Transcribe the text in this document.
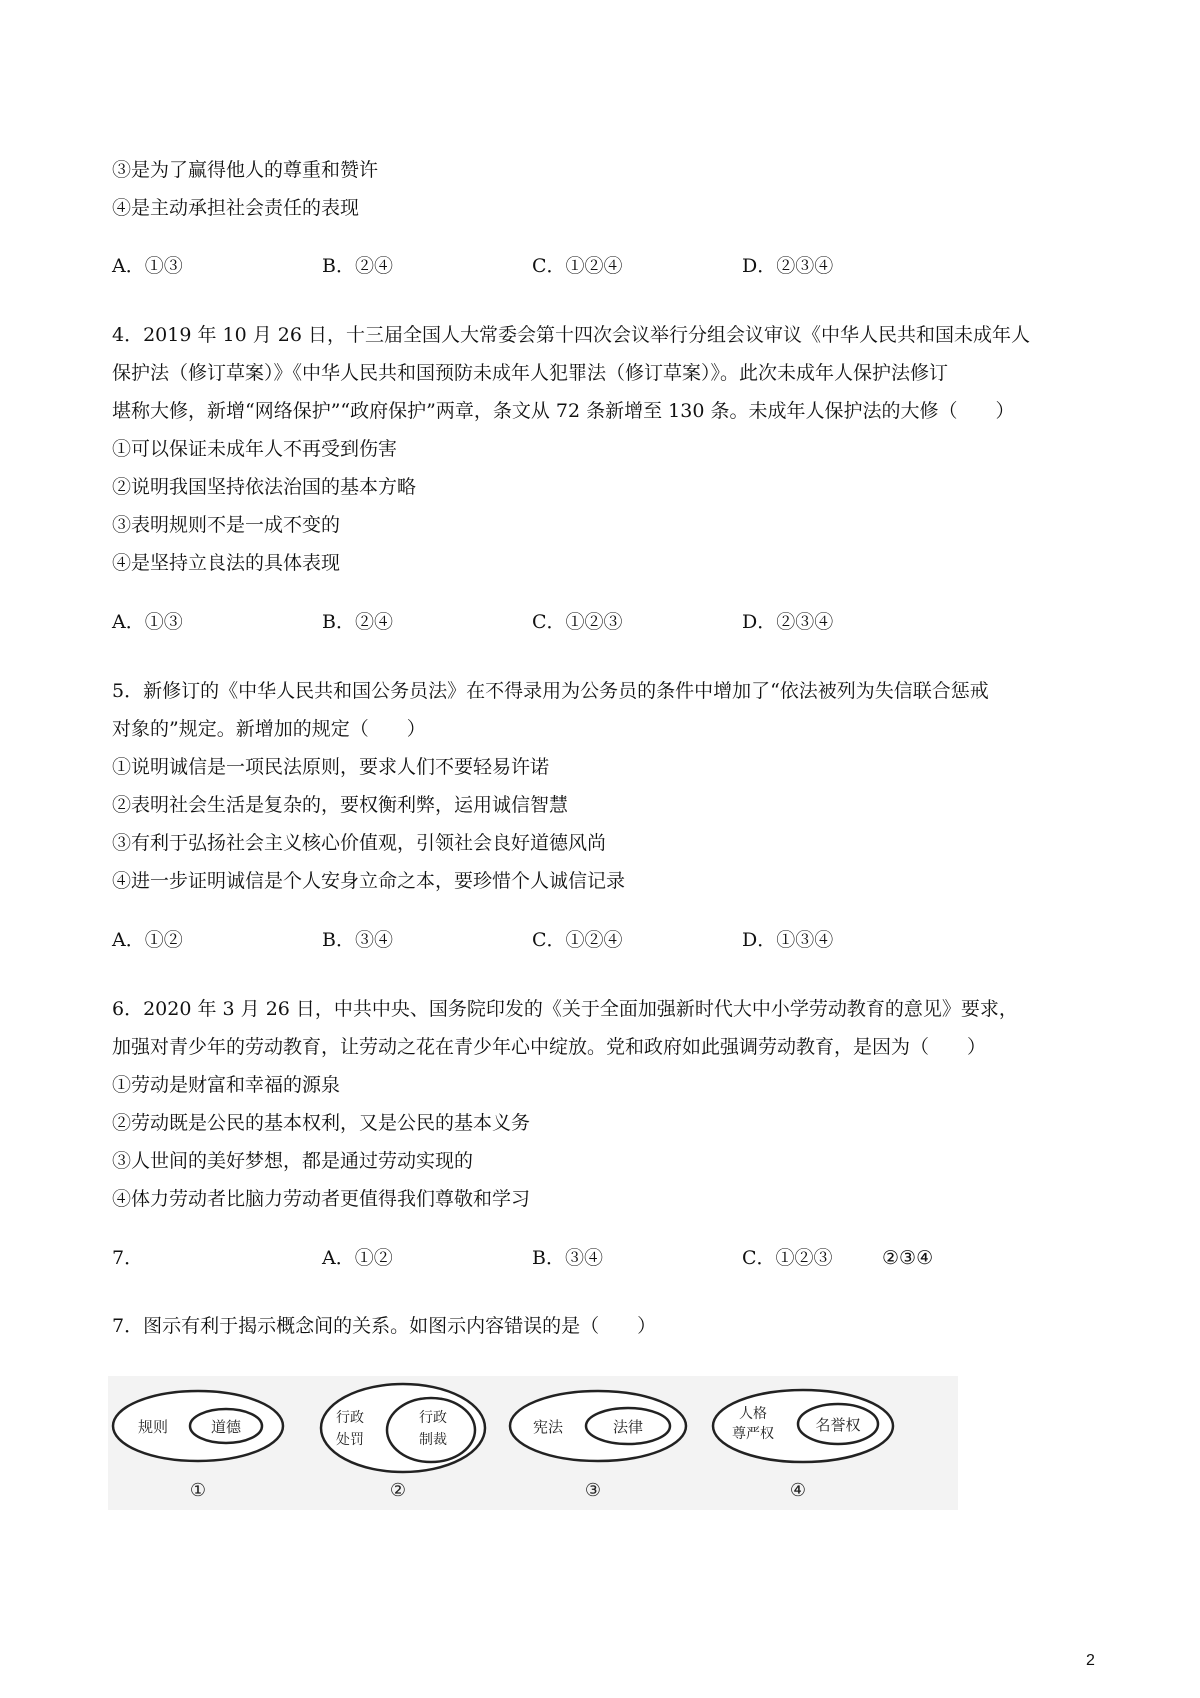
③是为了赢得他人的尊重和赞许
④是主动承担社会责任的表现
A．①③	B．②④	C．①②④	D．②③④
4．2019 年 10 月 26 日，十三届全国人大常委会第十四次会议举行分组会议审议《中华人民共和国未成年人
保护法（修订草案）》《中华人民共和国预防未成年人犯罪法（修订草案）》。此次未成年人保护法修订
堪称大修，新增“网络保护”“政府保护”两章，条文从 72 条新增至 130 条。未成年人保护法的大修（　　）
①可以保证未成年人不再受到伤害
②说明我国坚持依法治国的基本方略
③表明规则不是一成不变的
④是坚持立良法的具体表现
A．①③	B．②④	C．①②③	D．②③④
5．新修订的《中华人民共和国公务员法》在不得录用为公务员的条件中增加了“依法被列为失信联合惩戒
对象的”规定。新增加的规定（　　）
①说明诚信是一项民法原则，要求人们不要轻易许诺
②表明社会生活是复杂的，要权衡利弊，运用诚信智慧
③有利于弘扬社会主义核心价值观，引领社会良好道德风尚
④进一步证明诚信是个人安身立命之本，要珍惜个人诚信记录
A．①②	B．③④	C．①②④	D．①③④
6．2020 年 3 月 26 日，中共中央、国务院印发的《关于全面加强新时代大中小学劳动教育的意见》要求，
加强对青少年的劳动教育，让劳动之花在青少年心中绽放。党和政府如此强调劳动教育，是因为（　　）
①劳动是财富和幸福的源泉
②劳动既是公民的基本权利，又是公民的基本义务
③人世间的美好梦想，都是通过劳动实现的
④体力劳动者比脑力劳动者更值得我们尊敬和学习
7．	A．①②	B．③④	C．①②③	②③④
7．图示有利于揭示概念间的关系。如图示内容错误的是（　　）
规则	道德
①
行政
处罚
行政
制裁
②
宪法	法律
③
人格
尊严权	名誉权
④
2
